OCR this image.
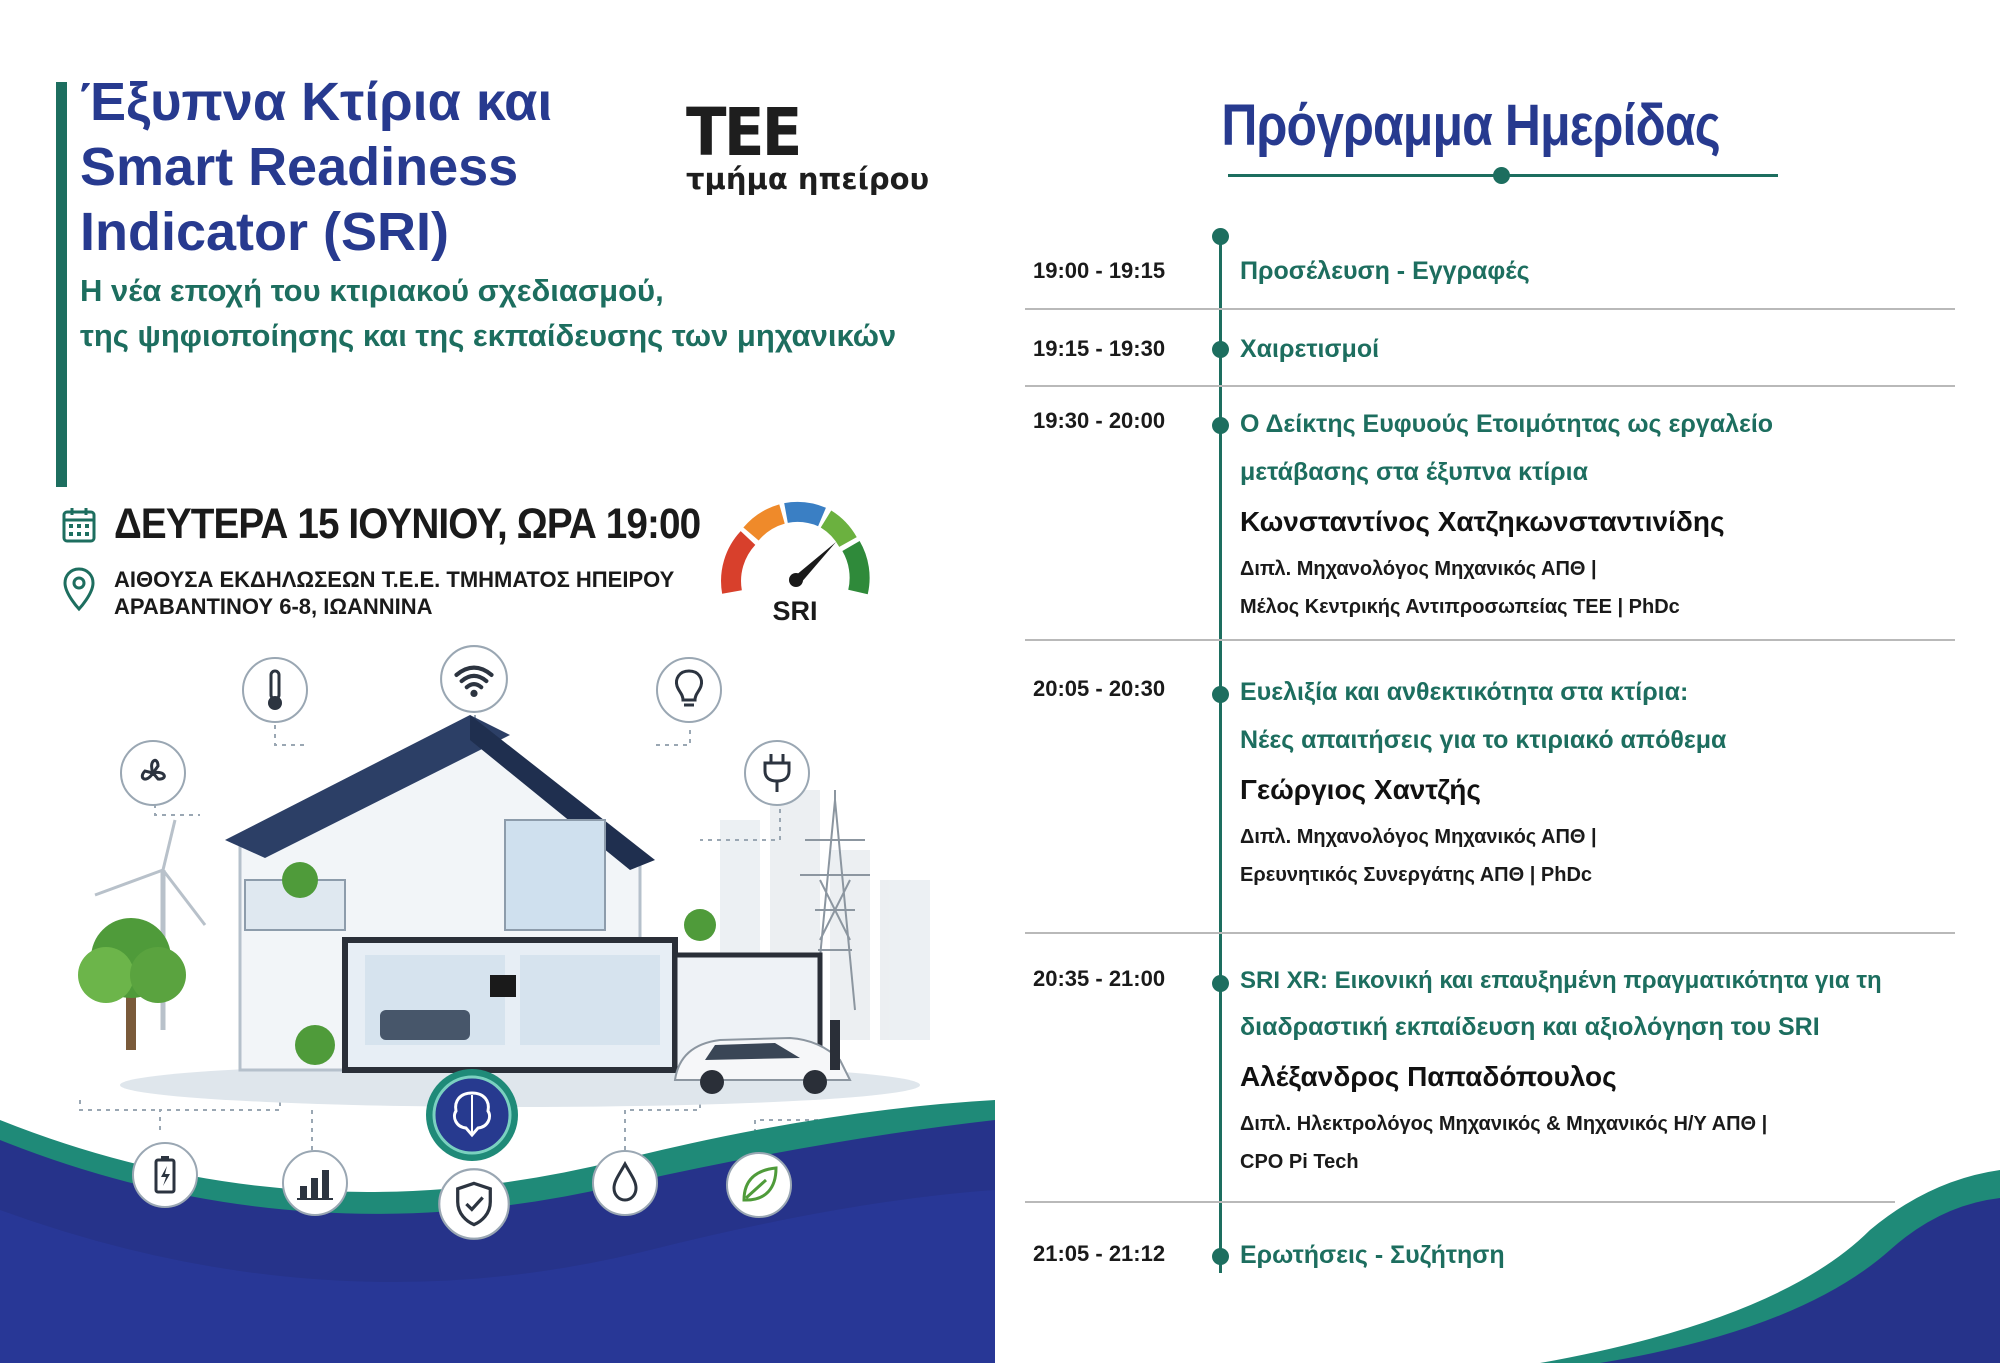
Έξυπνα Κτίρια και
Smart Readiness
Indicator (SRI)
Η νέα εποχή του κτιριακού σχεδιασμού,
της ψηφιοποίησης και της εκπαίδευσης των μηχανικών
TEE
τμήμα ηπείρου
ΔΕΥΤΕΡΑ 15 ΙΟΥΝΙΟΥ, ΩΡΑ 19:00
ΑΙΘΟΥΣΑ ΕΚΔΗΛΩΣΕΩΝ Τ.Ε.Ε. ΤΜΗΜΑΤΟΣ ΗΠΕΙΡΟΥ
ΑΡΑΒΑΝΤΙΝΟΥ 6-8, ΙΩΑΝΝΙΝΑ	SRI
Πρόγραμμα Ημερίδας
19:00 - 19:15	Προσέλευση - Εγγραφές
19:15 - 19:30	Χαιρετισμοί
19:30 - 20:00	Ο Δείκτης Ευφυούς Ετοιμότητας ως εργαλείο
μετάβασης στα έξυπνα κτίρια
Κωνσταντίνος Χατζηκωνσταντινίδης
Διπλ. Μηχανολόγος Μηχανικός ΑΠΘ |
Μέλος Κεντρικής Αντιπροσωπείας ΤΕΕ | PhDc
20:05 - 20:30	Ευελιξία και ανθεκτικότητα στα κτίρια:
Νέες απαιτήσεις για το κτιριακό απόθεμα
Γεώργιος Χαντζής
Διπλ. Μηχανολόγος Μηχανικός ΑΠΘ |
Ερευνητικός Συνεργάτης ΑΠΘ | PhDc
20:35 - 21:00	SRI XR: Εικονική και επαυξημένη πραγματικότητα για τη
διαδραστική εκπαίδευση και αξιολόγηση του SRI
Αλέξανδρος Παπαδόπουλος
Διπλ. Ηλεκτρολόγος Μηχανικός & Μηχανικός Η/Υ ΑΠΘ |
CPO Pi Tech
21:05 - 21:12	Ερωτήσεις - Συζήτηση
